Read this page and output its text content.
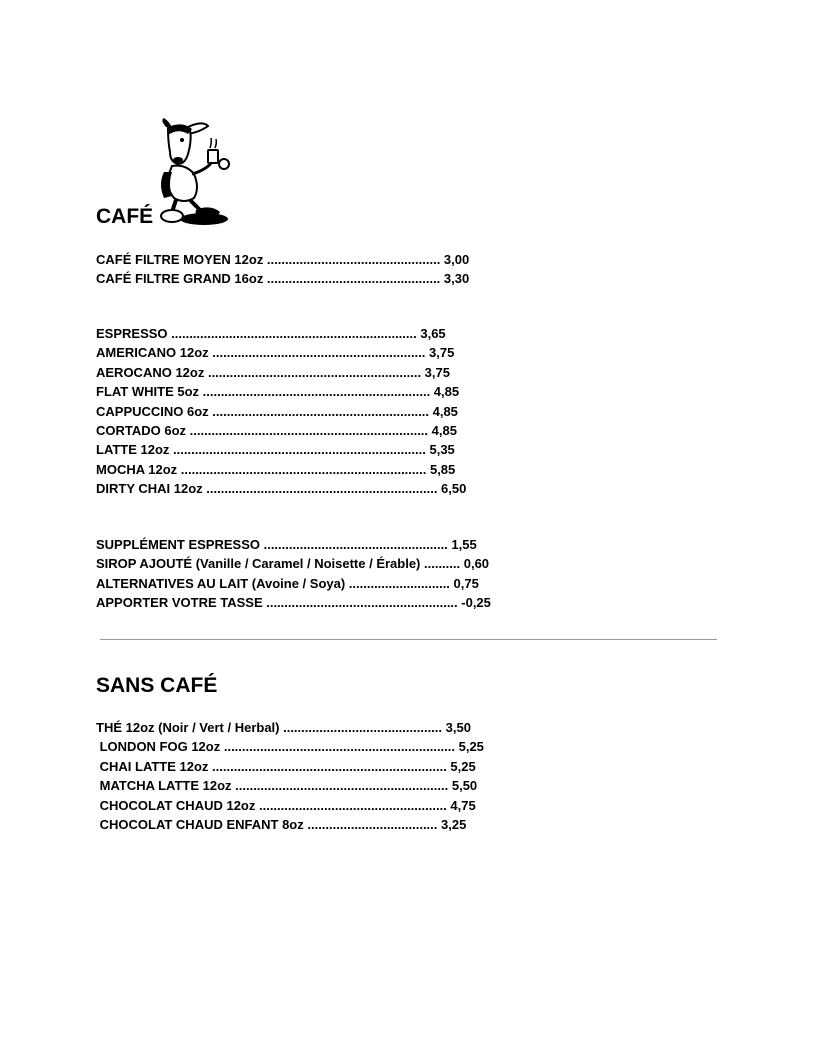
CAFÉ
CAFÉ FILTRE MOYEN 12oz ................................................ 3,00
CAFÉ FILTRE GRAND 16oz ................................................ 3,30
ESPRESSO .................................................................... 3,65
AMERICANO 12oz ........................................................... 3,75
AEROCANO 12oz ........................................................... 3,75
FLAT WHITE 5oz ............................................................... 4,85
CAPPUCCINO 6oz ............................................................ 4,85
CORTADO 6oz .................................................................. 4,85
LATTE 12oz ...................................................................... 5,35
MOCHA 12oz .................................................................... 5,85
DIRTY CHAI 12oz ................................................................ 6,50
SUPPLÉMENT ESPRESSO ................................................... 1,55
SIROP AJOUTÉ (Vanille / Caramel / Noisette / Érable) .......... 0,60
ALTERNATIVES AU LAIT (Avoine / Soya) ............................ 0,75
APPORTER VOTRE TASSE ..................................................... -0,25
SANS CAFÉ
THÉ 12oz (Noir / Vert / Herbal) ............................................ 3,50
LONDON FOG 12oz ................................................................ 5,25
CHAI LATTE 12oz ................................................................. 5,25
MATCHA LATTE 12oz ........................................................... 5,50
CHOCOLAT CHAUD 12oz .................................................... 4,75
CHOCOLAT CHAUD ENFANT 8oz .................................... 3,25
